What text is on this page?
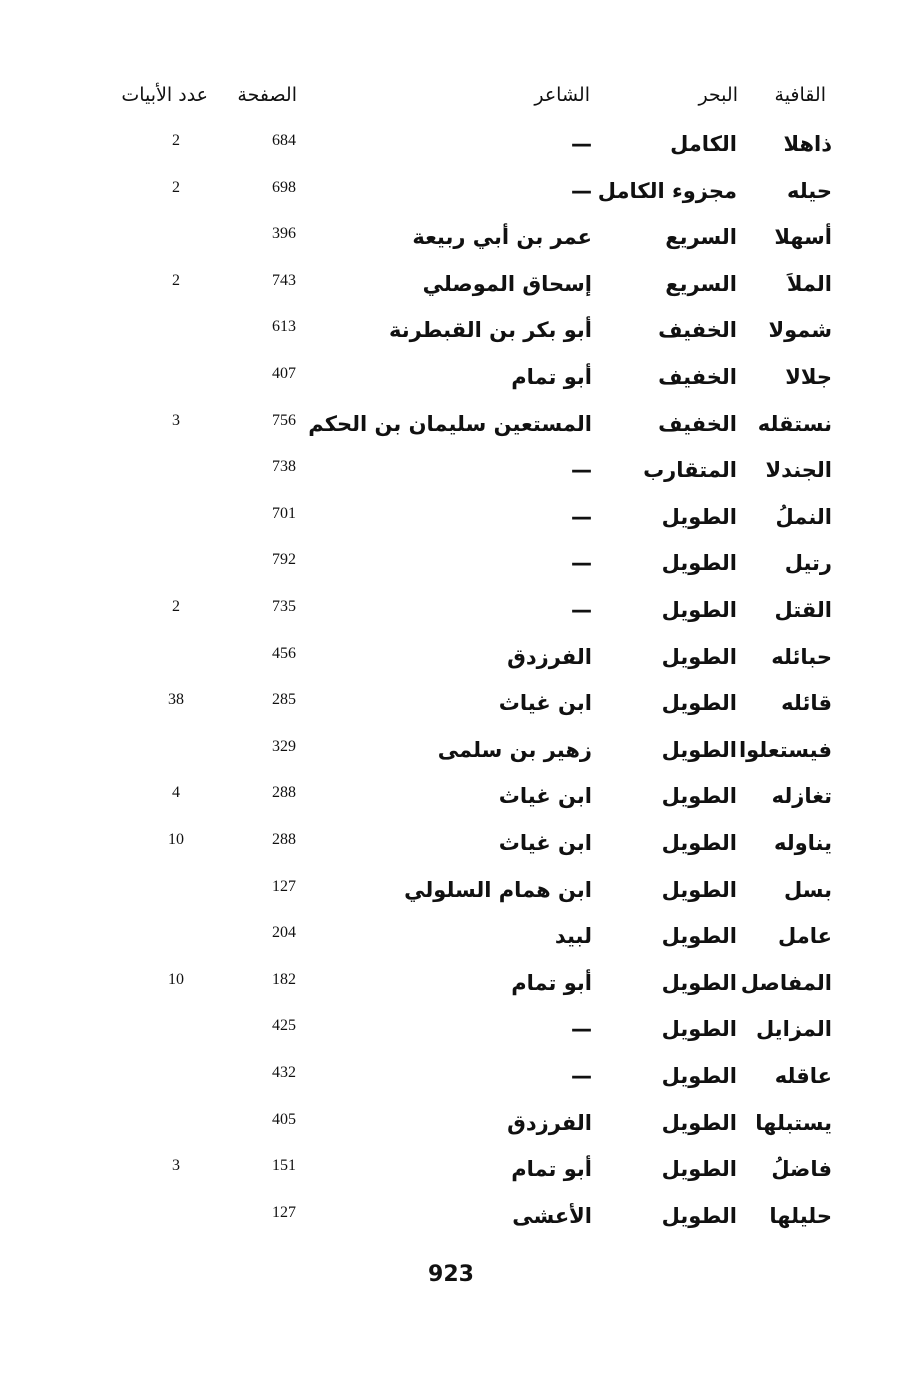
القافية
البحر
الشاعر
الصفحة
عدد الأبيات
ذاهلا
الكامل
—
684
2
حيله
مجزوء الكامل
—
698
2
أسهلا
السريع
عمر بن أبي ربيعة
396
الملاَ
السريع
إسحاق الموصلي
743
2
شمولا
الخفيف
أبو بكر بن القبطرنة
613
جلالا
الخفيف
أبو تمام
407
نستقله
الخفيف
المستعين سليمان بن الحكم
756
3
الجندلا
المتقارب
—
738
النملُ
الطويل
—
701
رتيل
الطويل
—
792
القتل
الطويل
—
735
2
حبائله
الطويل
الفرزدق
456
قائله
الطويل
ابن غياث
285
38
فيستعلوا
الطويل
زهير بن سلمى
329
تغازله
الطويل
ابن غياث
288
4
يناوله
الطويل
ابن غياث
288
10
بسل
الطويل
ابن همام السلولي
127
عامل
الطويل
لبيد
204
المفاصل
الطويل
أبو تمام
182
10
المزايل
الطويل
—
425
عاقله
الطويل
—
432
يستبلها
الطويل
الفرزدق
405
فاضلُ
الطويل
أبو تمام
151
3
حليلها
الطويل
الأعشى
127
923
